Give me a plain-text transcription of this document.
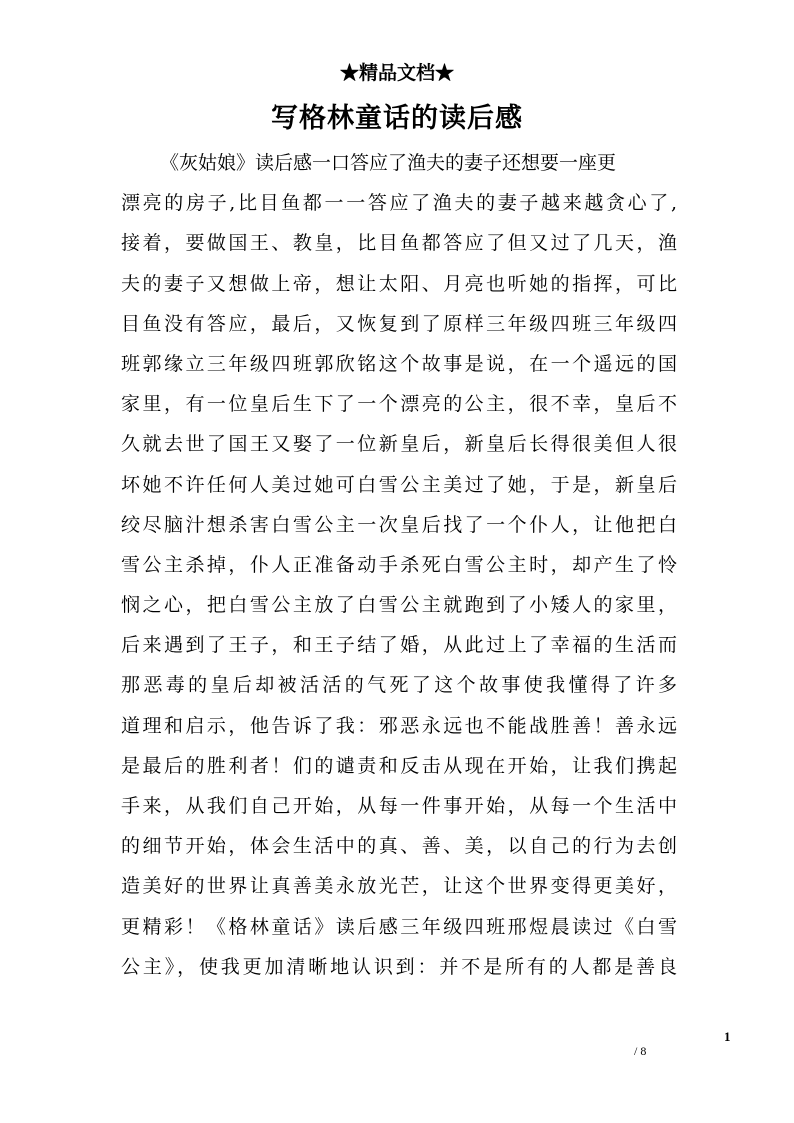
★精品文档★
写格林童话的读后感
《灰姑娘》读后感一口答应了渔夫的妻子还想要一座更
漂亮的房子,比目鱼都一一答应了渔夫的妻子越来越贪心了,
接着，要做国王、教皇，比目鱼都答应了但又过了几天，渔
夫的妻子又想做上帝，想让太阳、月亮也听她的指挥，可比
目鱼没有答应，最后，又恢复到了原样三年级四班三年级四
班郭缘立三年级四班郭欣铭这个故事是说，在一个遥远的国
家里，有一位皇后生下了一个漂亮的公主，很不幸，皇后不
久就去世了国王又娶了一位新皇后，新皇后长得很美但人很
坏她不许任何人美过她可白雪公主美过了她，于是，新皇后
绞尽脑汁想杀害白雪公主一次皇后找了一个仆人，让他把白
雪公主杀掉，仆人正准备动手杀死白雪公主时，却产生了怜
悯之心，把白雪公主放了白雪公主就跑到了小矮人的家里，
后来遇到了王子，和王子结了婚，从此过上了幸福的生活而
那恶毒的皇后却被活活的气死了这个故事使我懂得了许多
道理和启示，他告诉了我：邪恶永远也不能战胜善！善永远
是最后的胜利者！们的谴责和反击从现在开始，让我们携起
手来，从我们自己开始，从每一件事开始，从每一个生活中
的细节开始，体会生活中的真、善、美，以自己的行为去创
造美好的世界让真善美永放光芒，让这个世界变得更美好，
更精彩！《格林童话》读后感三年级四班邢煜晨读过《白雪
公主》，使我更加清晰地认识到：并不是所有的人都是善良
1
/ 8
